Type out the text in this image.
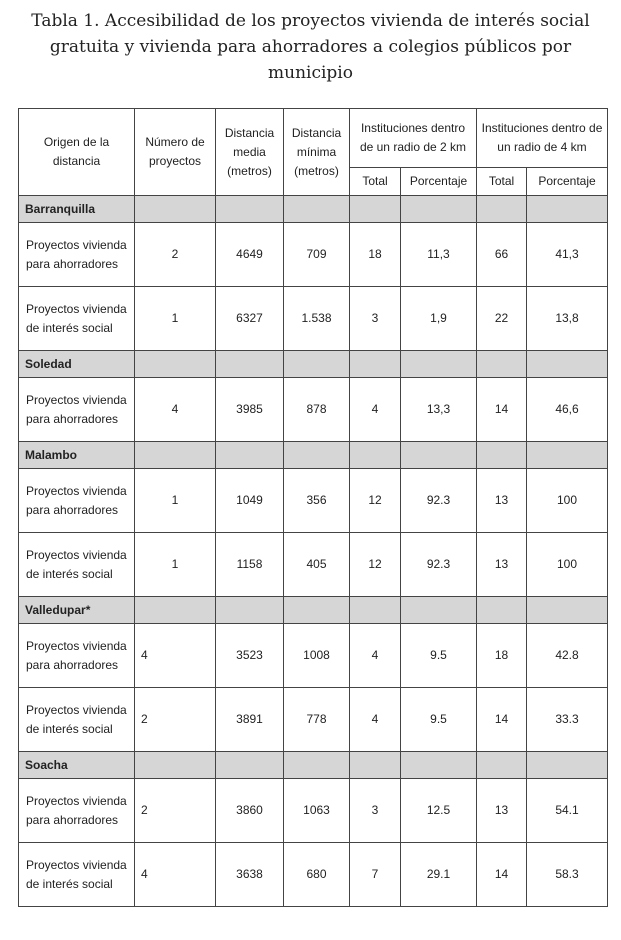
Tabla 1. Accesibilidad de los proyectos vivienda de interés social
gratuita y vivienda para ahorradores a colegios públicos por
municipio
Origen de la distancia	Número de proyectos	Distancia media (metros)	Distancia mínima (metros)	Instituciones dentro de un radio de 2 km		Instituciones dentro de un radio de 4 km	
				Total	Porcentaje	Total	Porcentaje
Barranquilla							
Proyectos vivienda para ahorradores	2	4649	709	18	11,3	66	41,3
Proyectos vivienda de interés social	1	6327	1.538	3	1,9	22	13,8
Soledad							
Proyectos vivienda para ahorradores	4	3985	878	4	13,3	14	46,6
Malambo							
Proyectos vivienda para ahorradores	1	1049	356	12	92.3	13	100
Proyectos vivienda de interés social	1	1158	405	12	92.3	13	100
Valledupar*							
Proyectos vivienda para ahorradores	4	3523	1008	4	9.5	18	42.8
Proyectos vivienda de interés social	2	3891	778	4	9.5	14	33.3
Soacha							
Proyectos vivienda para ahorradores	2	3860	1063	3	12.5	13	54.1
Proyectos vivienda de interés social	4	3638	680	7	29.1	14	58.3
